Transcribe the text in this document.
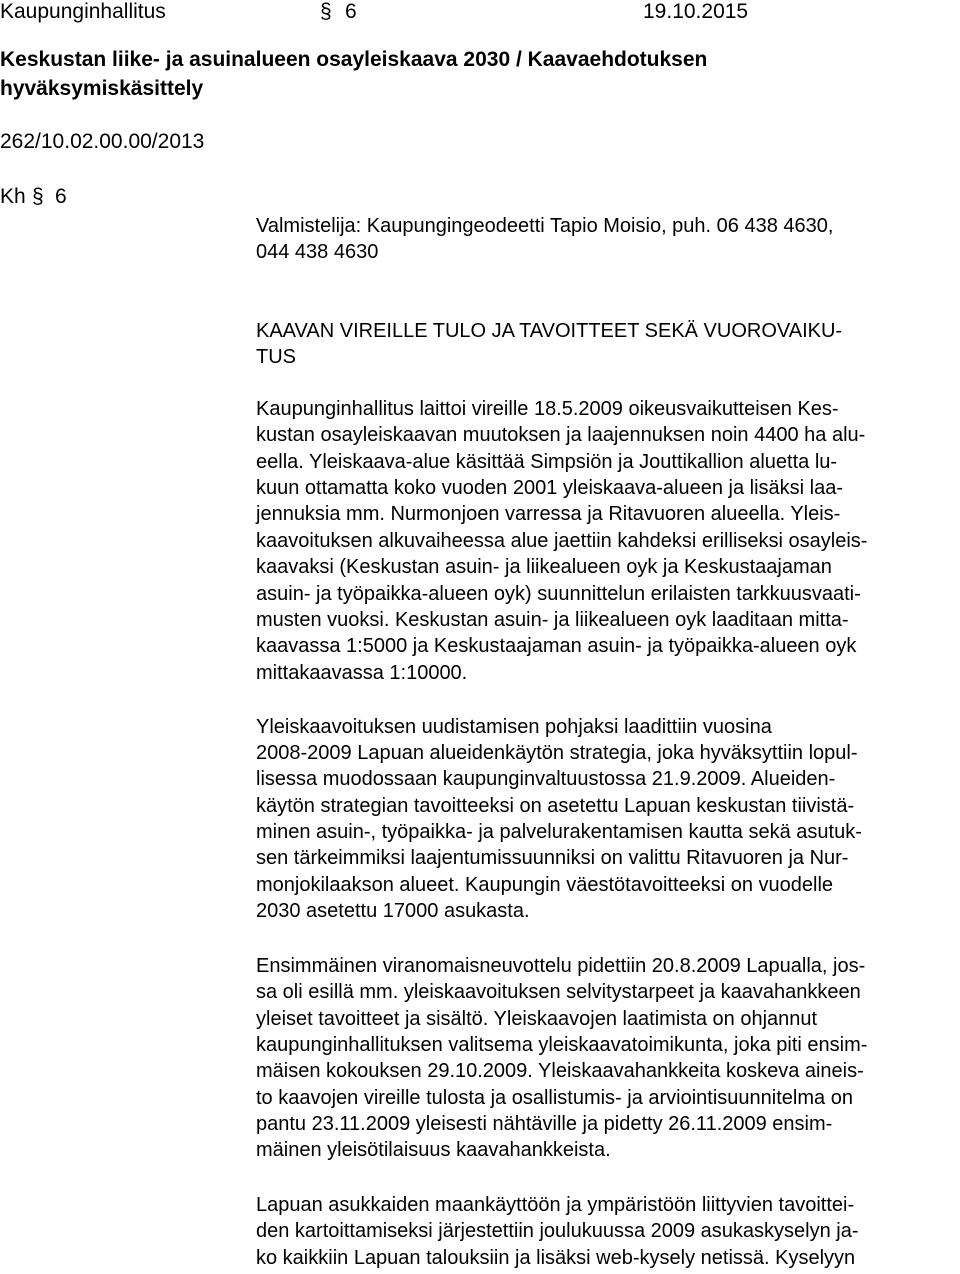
Kaupunginhallitus	§ 6	19.10.2015
Keskustan liike- ja asuinalueen osayleiskaava 2030 / Kaavaehdotuksen
hyväksymiskäsittely
262/10.02.00.00/2013
Kh § 6
Valmistelija: Kaupungingeodeetti Tapio Moisio, puh. 06 438 4630,
044 438 4630
KAAVAN VIREILLE TULO JA TAVOITTEET SEKÄ VUOROVAIKU-
TUS
Kaupunginhallitus laittoi vireille 18.5.2009 oikeusvaikutteisen Kes-
kustan osayleiskaavan muutoksen ja laajennuksen noin 4400 ha alu-
eella. Yleiskaava-alue käsittää Simpsiön ja Jouttikallion aluetta lu-
kuun ottamatta koko vuoden 2001 yleiskaava-alueen ja lisäksi laa-
jennuksia mm. Nurmonjoen varressa ja Ritavuoren alueella. Yleis-
kaavoituksen alkuvaiheessa alue jaettiin kahdeksi erilliseksi osayleis-
kaavaksi (Keskustan asuin- ja liikealueen oyk ja Keskustaajaman
asuin- ja työpaikka-alueen oyk) suunnittelun erilaisten tarkkuusvaati-
musten vuoksi. Keskustan asuin- ja liikealueen oyk laaditaan mitta-
kaavassa 1:5000 ja Keskustaajaman asuin- ja työpaikka-alueen oyk
mittakaavassa 1:10000.
Yleiskaavoituksen uudistamisen pohjaksi laadittiin vuosina
2008-2009 Lapuan alueidenkäytön strategia, joka hyväksyttiin lopul-
lisessa muodossaan kaupunginvaltuustossa 21.9.2009. Alueiden-
käytön strategian tavoitteeksi on asetettu Lapuan keskustan tiivistä-
minen asuin-, työpaikka- ja palvelurakentamisen kautta sekä asutuk-
sen tärkeimmiksi laajentumissuunniksi on valittu Ritavuoren ja Nur-
monjokilaakson alueet. Kaupungin väestötavoitteeksi on vuodelle
2030 asetettu 17000 asukasta.
Ensimmäinen viranomaisneuvottelu pidettiin 20.8.2009 Lapualla, jos-
sa oli esillä mm. yleiskaavoituksen selvitystarpeet ja kaavahankkeen
yleiset tavoitteet ja sisältö. Yleiskaavojen laatimista on ohjannut
kaupunginhallituksen valitsema yleiskaavatoimikunta, joka piti ensim-
mäisen kokouksen 29.10.2009. Yleiskaavahankkeita koskeva aineis-
to kaavojen vireille tulosta ja osallistumis- ja arviointisuunnitelma on
pantu 23.11.2009 yleisesti nähtäville ja pidetty 26.11.2009 ensim-
mäinen yleisötilaisuus kaavahankkeista.
Lapuan asukkaiden maankäyttöön ja ympäristöön liittyvien tavoittei-
den kartoittamiseksi järjestettiin joulukuussa 2009 asukaskyselyn ja-
ko kaikkiin Lapuan talouksiin ja lisäksi web-kysely netissä. Kyselyyn
